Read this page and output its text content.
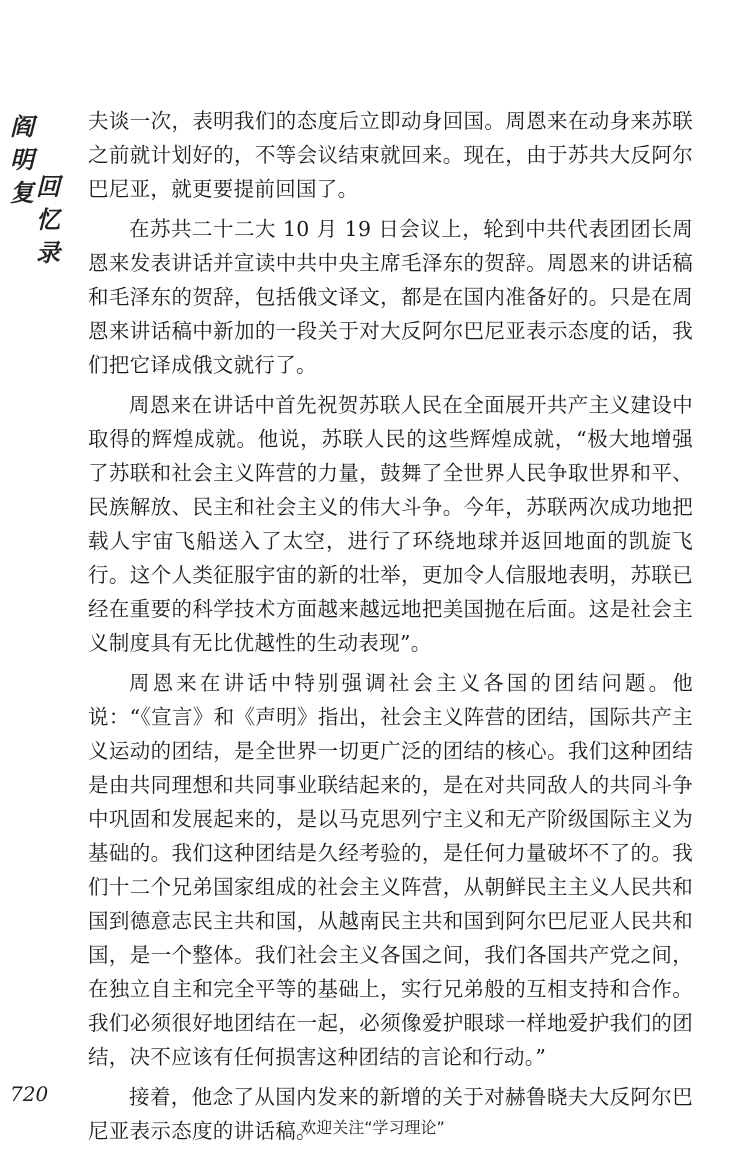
阎
明
复 回
忆
录

夫谈一次，表明我们的态度后立即动身回国。周恩来在动身来苏联之前就计划好的，不等会议结束就回来。现在，由于苏共大反阿尔巴尼亚，就更要提前回国了。

在苏共二十二大 10 月 19 日会议上，轮到中共代表团团长周恩来发表讲话并宣读中共中央主席毛泽东的贺辞。周恩来的讲话稿和毛泽东的贺辞，包括俄文译文，都是在国内准备好的。只是在周恩来讲话稿中新加的一段关于对大反阿尔巴尼亚表示态度的话，我们把它译成俄文就行了。

周恩来在讲话中首先祝贺苏联人民在全面展开共产主义建设中取得的辉煌成就。他说，苏联人民的这些辉煌成就，“极大地增强了苏联和社会主义阵营的力量，鼓舞了全世界人民争取世界和平、民族解放、民主和社会主义的伟大斗争。今年，苏联两次成功地把载人宇宙飞船送入了太空，进行了环绕地球并返回地面的凯旋飞行。这个人类征服宇宙的新的壮举，更加令人信服地表明，苏联已经在重要的科学技术方面越来越远地把美国抛在后面。这是社会主义制度具有无比优越性的生动表现”。

周恩来在讲话中特别强调社会主义各国的团结问题。他说：“《宣言》和《声明》指出，社会主义阵营的团结，国际共产主义运动的团结，是全世界一切更广泛的团结的核心。我们这种团结是由共同理想和共同事业联结起来的，是在对共同敌人的共同斗争中巩固和发展起来的，是以马克思列宁主义和无产阶级国际主义为基础的。我们这种团结是久经考验的，是任何力量破坏不了的。我们十二个兄弟国家组成的社会主义阵营，从朝鲜民主主义人民共和国到德意志民主共和国，从越南民主共和国到阿尔巴尼亚人民共和国，是一个整体。我们社会主义各国之间，我们各国共产党之间，在独立自主和完全平等的基础上，实行兄弟般的互相支持和合作。我们必须很好地团结在一起，必须像爱护眼球一样地爱护我们的团结，决不应该有任何损害这种团结的言论和行动。”

接着，他念了从国内发来的新增的关于对赫鲁晓夫大反阿尔巴尼亚表示态度的讲话稿。

720
欢迎关注“学习理论”
